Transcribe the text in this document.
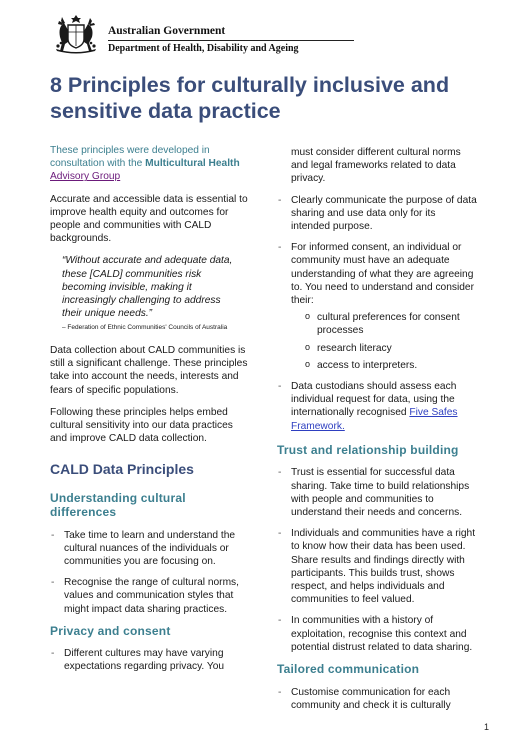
Australian Government
Department of Health, Disability and Ageing
8 Principles for culturally inclusive and sensitive data practice

These principles were developed in consultation with the Multicultural Health Advisory Group

Accurate and accessible data is essential to improve health equity and outcomes for people and communities with CALD backgrounds.

“Without accurate and adequate data, these [CALD] communities risk becoming invisible, making it increasingly challenging to address their unique needs.”

– Federation of Ethnic Communities' Councils of Australia

Data collection about CALD communities is still a significant challenge. These principles take into account the needs, interests and fears of specific populations.

Following these principles helps embed cultural sensitivity into our data practices and improve CALD data collection.

CALD Data Principles
Understanding cultural differences
- Take time to learn and understand the cultural nuances of the individuals or communities you are focusing on.
- Recognise the range of cultural norms, values and communication styles that might impact data sharing practices.
Privacy and consent
- Different cultures may have varying expectations regarding privacy. You
must consider different cultural norms and legal frameworks related to data privacy.
- Clearly communicate the purpose of data sharing and use data only for its intended purpose.
- For informed consent, an individual or community must have an adequate understanding of what they are agreeing to. You need to understand and consider their:
o cultural preferences for consent processes
o research literacy
o access to interpreters.
- Data custodians should assess each individual request for data, using the internationally recognised Five Safes Framework.
Trust and relationship building
- Trust is essential for successful data sharing. Take time to build relationships with people and communities to understand their needs and concerns.
- Individuals and communities have a right to know how their data has been used. Share results and findings directly with participants. This builds trust, shows respect, and helps individuals and communities to feel valued.
- In communities with a history of exploitation, recognise this context and potential distrust related to data sharing.
Tailored communication
- Customise communication for each community and check it is culturally
1
